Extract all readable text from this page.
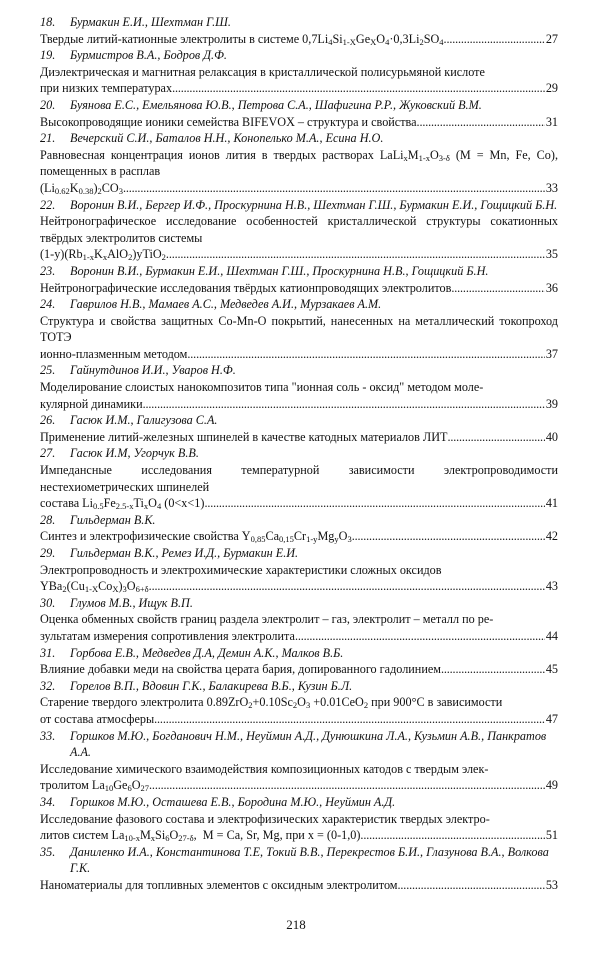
18.	Бурмакин Е.И., Шехтман Г.Ш.
Твердые литий-катионные электролиты в системе $0,7Li_4Si_{1-X}Ge_XO_4\cdot 0,3Li_2SO_4$ . . .	27
19.	Бурмистров В.А., Бодров Д.Ф.
Диэлектрическая и магнитная релаксация в кристаллической полисурьмяной кислоте
при низких температурах . . .	29
20.	Буянова Е.С., Емельянова Ю.В., Петрова С.А., Шафигина Р.Р., Жуковский В.М.
Высокопроводящие ионики семейства BIFEVOX – структура и свойства . . .	31
21.	Вечерский С.И., Баталов Н.Н., Конопелько М.А., Есина Н.О.
Равновесная концентрация ионов лития в твердых растворах $LaLi_xM_{1-x}O_{3-\delta}$ (M = Mn, Fe, Co), помещенных в расплав
$(Li_{0.62}K_{0.38})_2CO_3$ . . .	33
22.	Воронин В.И., Бергер И.Ф., Проскурнина Н.В., Шехтман Г.Ш., Бурмакин Е.И., Гощицкий Б.Н.
Нейтронографическое исследование особенностей кристаллической структуры сокатионных твёрдых электролитов системы
$(1-y)(Rb_{1-x}K_xAlO_2)yTiO_2$ . . .	35
23.	Воронин В.И., Бурмакин Е.И., Шехтман Г.Ш., Проскурнина Н.В., Гощицкий Б.Н.
Нейтронографические исследования твёрдых катионпроводящих электролитов . . .	36
24.	Гаврилов Н.В., Мамаев А.С., Медведев А.И., Мурзакаев А.М.
Структура и свойства защитных Co-Mn-O покрытий, нанесенных на металлический токопроход ТОТЭ
ионно-плазменным методом . . .	37
25.	Гайнутдинов И.И., Уваров Н.Ф.
Моделирование слоистых нанокомпозитов типа "ионная соль - оксид" методом моле-
кулярной динамики . . .	39
26.	Гасюк И.М., Галигузова С.А.
Применение литий-железных шпинелей в качестве катодных материалов ЛИТ . . .	40
27.	Гасюк И.М, Угорчук В.В.
Импедансные исследования температурной зависимости электропроводимости нестехиометрических шпинелей
состава $Li_{0.5}Fe_{2.5-x}Ti_xO_4$ (0<x<1) . . .	41
28.	Гильдерман В.К.
Синтез и электрофизические свойства $Y_{0,85}Ca_{0,15}Cr_{1-y}Mg_yO_3$ . . .	42
29.	Гильдерман В.К., Ремез И.Д., Бурмакин Е.И.
Электропроводность и электрохимические характеристики сложных оксидов
$YBa_2(Cu_{1-X}Co_X)_3O_{6+\delta}$ . . .	43
30.	Глумов М.В., Ищук В.П.
Оценка обменных свойств границ раздела электролит – газ, электролит – металл по ре-
зультатам измерения сопротивления электролита . . .	44
31.	Горбова Е.В., Медведев Д.А, Демин А.К., Малков В.Б.
Влияние добавки меди на свойства церата бария, допированного гадолинием . . .	45
32.	Горелов В.П., Вдовин Г.К., Балакирева В.Б., Кузин Б.Л.
Старение твердого электролита $0.89ZrO_2+0.10Sc_2O_3 +0.01CeO_2$ при 900°С в зависимости
от состава атмосферы . . .	47
33.	Горшков М.Ю., Богданович Н.М., Неуймин А.Д., Дунюшкина Л.А., Кузьмин А.В., Панкратов А.А.
Исследование химического взаимодействия композиционных катодов с твердым элек-
тролитом $La_{10}Ge_6O_{27}$ . . .	49
34.	Горшков М.Ю., Осташева Е.В., Бородина М.Ю., Неуймин А.Д.
Исследование фазового состава и электрофизических характеристик твердых электро-
литов систем $La_{10-x}M_xSi_6O_{27-\delta}$,  M = Ca, Sr, Mg, при x = (0-1,0) . . .	51
35.	Даниленко И.А., Константинова Т.Е, Токий В.В., Перекрестов Б.И., Глазунова В.А., Волкова Г.К.
Наноматериалы для топливных элементов с оксидным электролитом . . .	53
218
